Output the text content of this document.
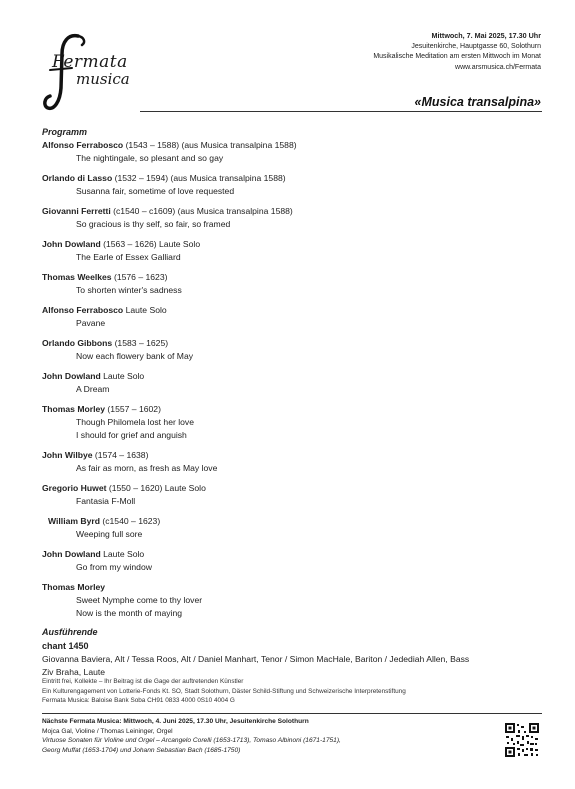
Fermata
musica
Mittwoch, 7. Mai 2025, 17.30 Uhr
Jesuitenkirche, Hauptgasse 60, Solothurn
Musikalische Meditation am ersten Mittwoch im Monat
www.arsmusica.ch/Fermata
«Musica transalpina»
Programm
Alfonso Ferrabosco (1543 – 1588) (aus Musica transalpina 1588)
The nightingale, so plesant and so gay
Orlando di Lasso (1532 – 1594) (aus Musica transalpina 1588)
Susanna fair, sometime of love requested
Giovanni Ferretti (c1540 – c1609) (aus Musica transalpina 1588)
So gracious is thy self, so fair, so framed
John Dowland (1563 – 1626) Laute Solo
The Earle of Essex Galliard
Thomas Weelkes (1576 – 1623)
To shorten winter's sadness
Alfonso Ferrabosco Laute Solo
Pavane
Orlando Gibbons (1583 – 1625)
Now each flowery bank of May
John Dowland Laute Solo
A Dream
Thomas Morley (1557 – 1602)
Though Philomela lost her love
I should for grief and anguish
John Wilbye (1574 – 1638)
As fair as morn, as fresh as May love
Gregorio Huwet (1550 – 1620) Laute Solo
Fantasia F-Moll
William Byrd (c1540 – 1623)
Weeping full sore
John Dowland Laute Solo
Go from my window
Thomas Morley
Sweet Nymphe come to thy lover
Now is the month of maying
Ausführende
chant 1450
Giovanna Baviera, Alt / Tessa Roos, Alt / Daniel Manhart, Tenor / Simon MacHale, Bariton / Jedediah Allen, Bass
Ziv Braha, Laute
Eintritt frei, Kollekte – Ihr Beitrag ist die Gage der auftretenden Künstler
Ein Kulturengagement von Lotterie-Fonds Kt. SO, Stadt Solothurn, Däster Schild-Stiftung und Schweizerische Interpretenstiftung
Fermata Musica: Baloise Bank Soba CH91 0833 4000 0S10 4004 G
Nächste Fermata Musica: Mittwoch, 4. Juni 2025, 17.30 Uhr, Jesuitenkirche Solothurn
Mojca Gal, Violine / Thomas Leininger, Orgel
Virtuose Sonaten für Violine und Orgel – Arcangelo Corelli (1653-1713), Tomaso Albinoni (1671-1751),
Georg Muffat (1653-1704) und Johann Sebastian Bach (1685-1750)
